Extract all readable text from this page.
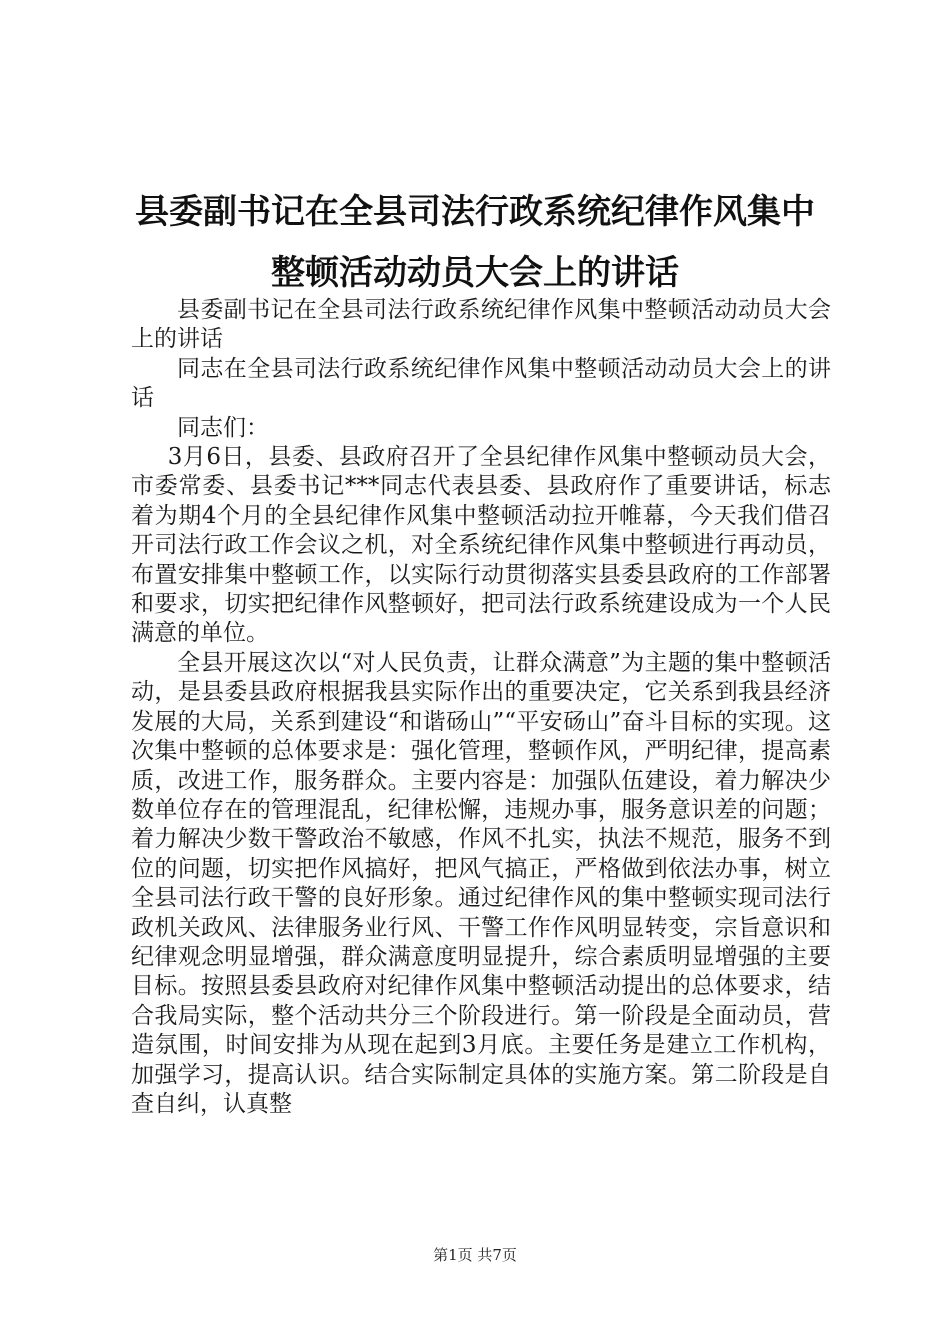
县委副书记在全县司法行政系统纪律作风集中
整顿活动动员大会上的讲话

县委副书记在全县司法行政系统纪律作风集中整顿活动动员大会上的讲话

同志在全县司法行政系统纪律作风集中整顿活动动员大会上的讲话

同志们：

3月6日，县委、县政府召开了全县纪律作风集中整顿动员大会，市委常委、县委书记***同志代表县委、县政府作了重要讲话，标志着为期4个月的全县纪律作风集中整顿活动拉开帷幕，今天我们借召开司法行政工作会议之机，对全系统纪律作风集中整顿进行再动员，布置安排集中整顿工作，以实际行动贯彻落实县委县政府的工作部署和要求，切实把纪律作风整顿好，把司法行政系统建设成为一个人民满意的单位。

全县开展这次以“对人民负责，让群众满意”为主题的集中整顿活动，是县委县政府根据我县实际作出的重要决定，它关系到我县经济发展的大局，关系到建设“和谐砀山”“平安砀山”奋斗目标的实现。这次集中整顿的总体要求是：强化管理，整顿作风，严明纪律，提高素质，改进工作，服务群众。主要内容是：加强队伍建设，着力解决少数单位存在的管理混乱，纪律松懈，违规办事，服务意识差的问题；着力解决少数干警政治不敏感，作风不扎实，执法不规范，服务不到位的问题，切实把作风搞好，把风气搞正，严格做到依法办事，树立全县司法行政干警的良好形象。通过纪律作风的集中整顿实现司法行政机关政风、法律服务业行风、干警工作作风明显转变，宗旨意识和纪律观念明显增强，群众满意度明显提升，综合素质明显增强的主要目标。按照县委县政府对纪律作风集中整顿活动提出的总体要求，结合我局实际，整个活动共分三个阶段进行。第一阶段是全面动员，营造氛围，时间安排为从现在起到3月底。主要任务是建立工作机构，加强学习，提高认识。结合实际制定具体的实施方案。第二阶段是自查自纠，认真整

第1页 共7页
